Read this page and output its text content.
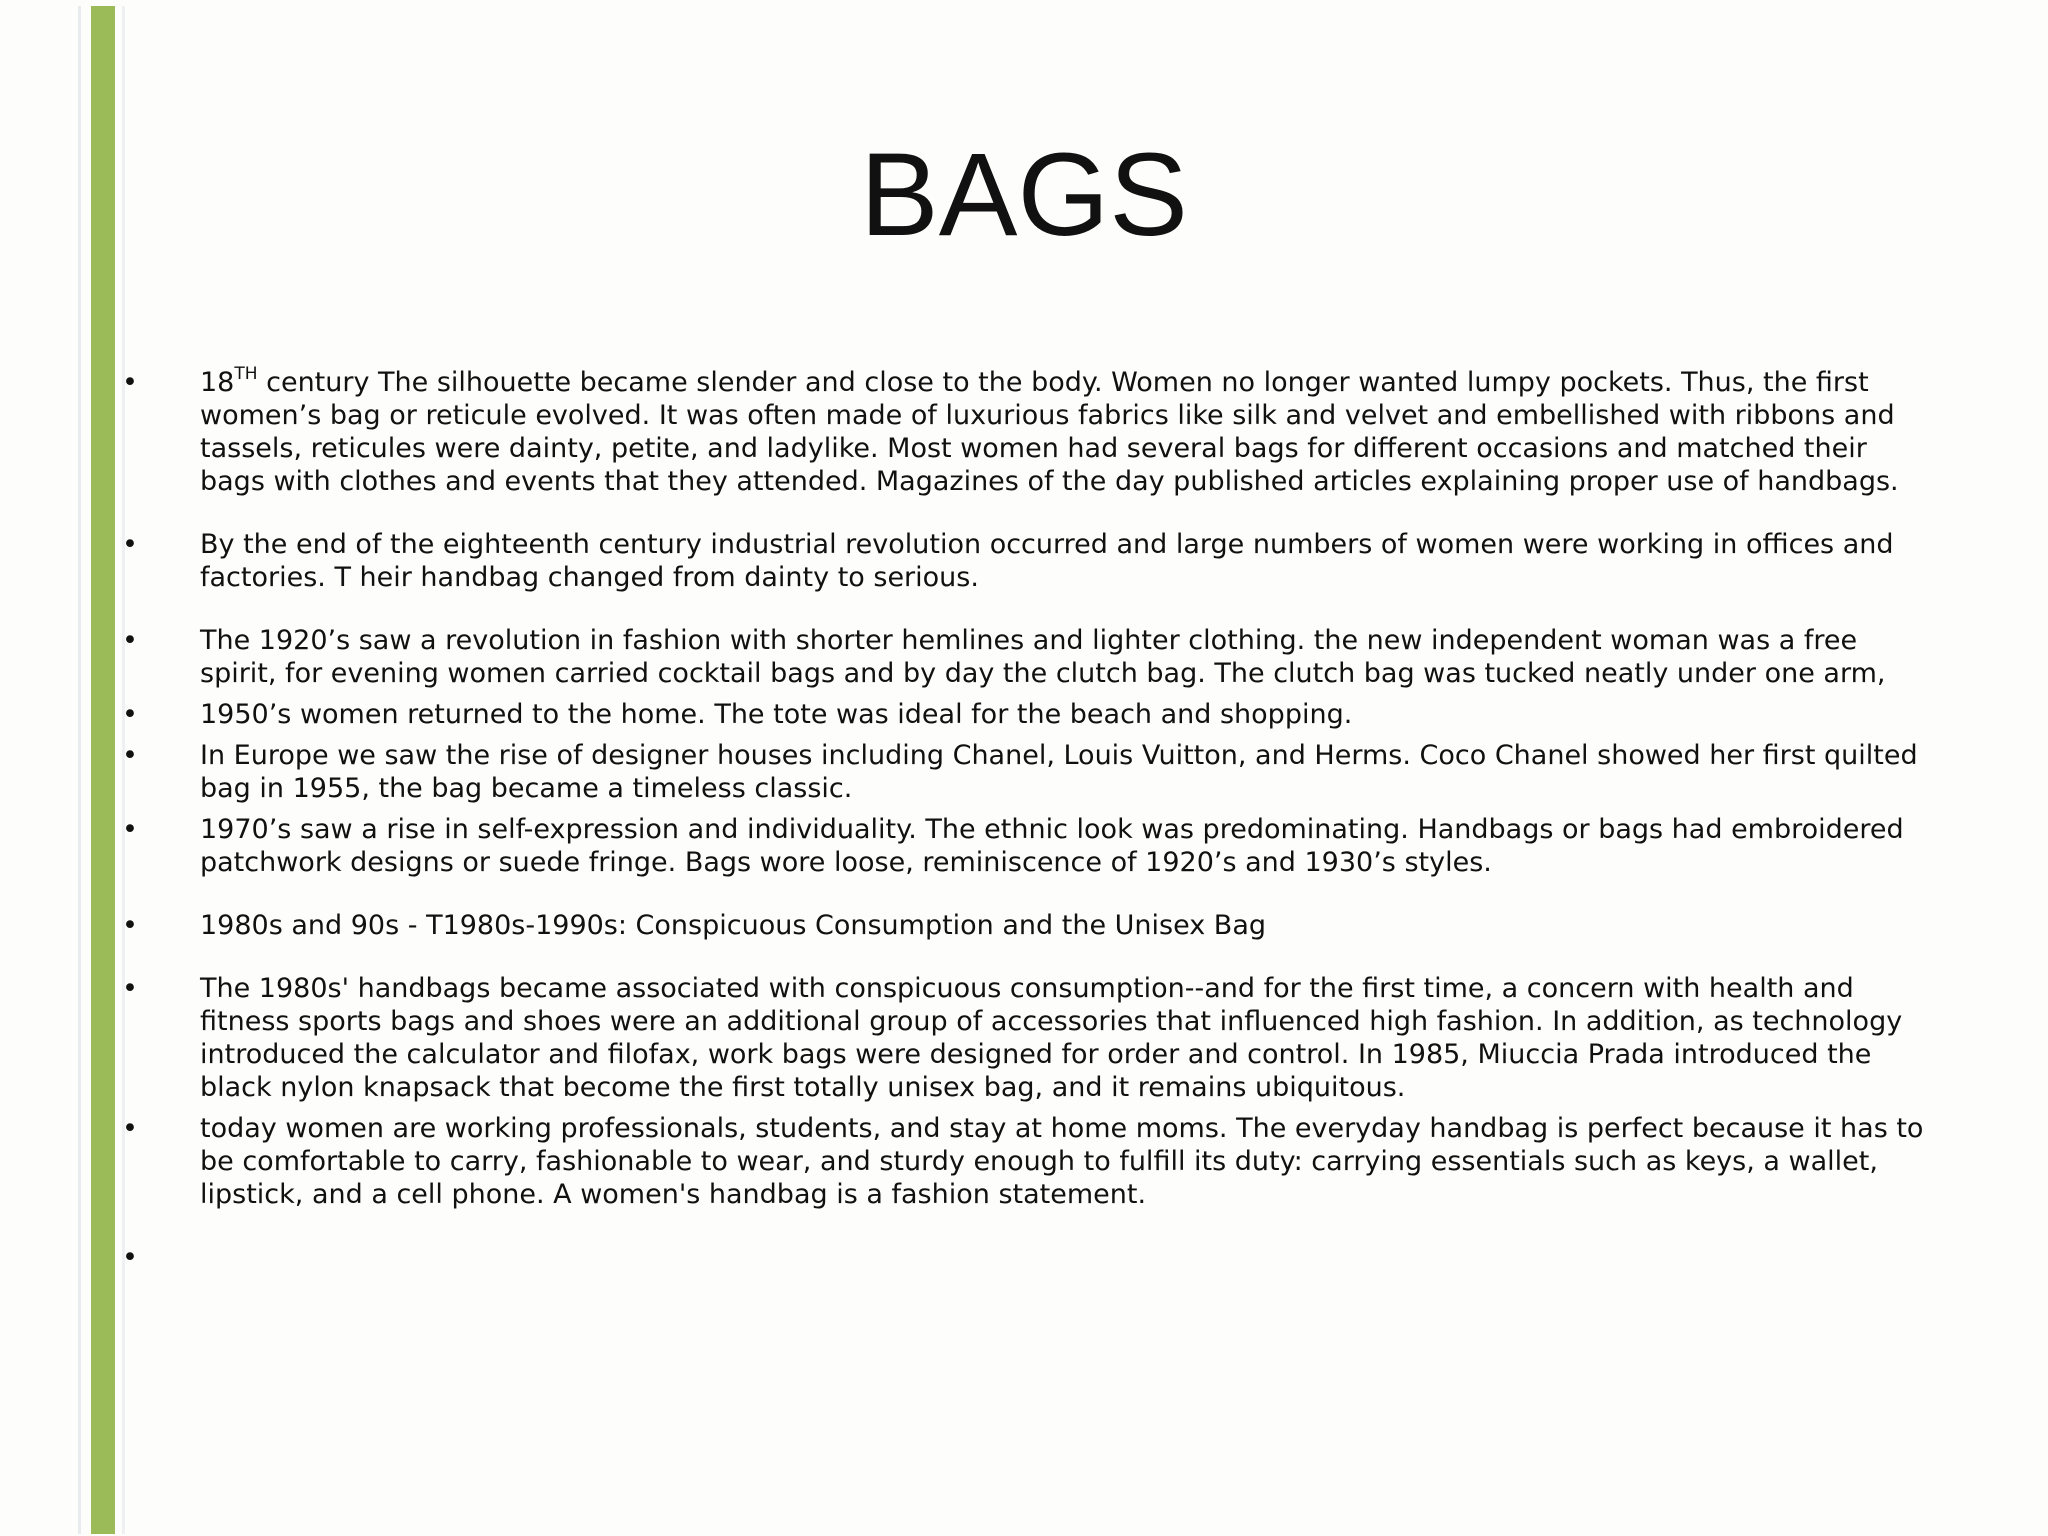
BAGS
• 18TH century The silhouette became slender and close to the body. Women no longer wanted lumpy pockets. Thus, the first women’s bag or reticule evolved. It was often made of luxurious fabrics like silk and velvet and embellished with ribbons and tassels, reticules were dainty, petite, and ladylike. Most women had several bags for different occasions and matched their bags with clothes and events that they attended. Magazines of the day published articles explaining proper use of handbags.
• By the end of the eighteenth century industrial revolution occurred and large numbers of women were working in offices and factories. T heir handbag changed from dainty to serious.
• The 1920’s saw a revolution in fashion with shorter hemlines and lighter clothing. the new independent woman was a free spirit, for evening women carried cocktail bags and by day the clutch bag. The clutch bag was tucked neatly under one arm,
• 1950’s women returned to the home. The tote was ideal for the beach and shopping.
• In Europe we saw the rise of designer houses including Chanel, Louis Vuitton, and Herms. Coco Chanel showed her first quilted bag in 1955, the bag became a timeless classic.
• 1970’s saw a rise in self-expression and individuality. The ethnic look was predominating. Handbags or bags had embroidered patchwork designs or suede fringe. Bags wore loose, reminiscence of 1920’s and 1930’s styles.
• 1980s and 90s - T1980s-1990s: Conspicuous Consumption and the Unisex Bag
• The 1980s' handbags became associated with conspicuous consumption--and for the first time, a concern with health and fitness sports bags and shoes were an additional group of accessories that influenced high fashion. In addition, as technology introduced the calculator and filofax, work bags were designed for order and control. In 1985, Miuccia Prada introduced the black nylon knapsack that become the first totally unisex bag, and it remains ubiquitous.
• today women are working professionals, students, and stay at home moms. The everyday handbag is perfect because it has to be comfortable to carry, fashionable to wear, and sturdy enough to fulfill its duty: carrying essentials such as keys, a wallet, lipstick, and a cell phone. A women's handbag is a fashion statement.
•
